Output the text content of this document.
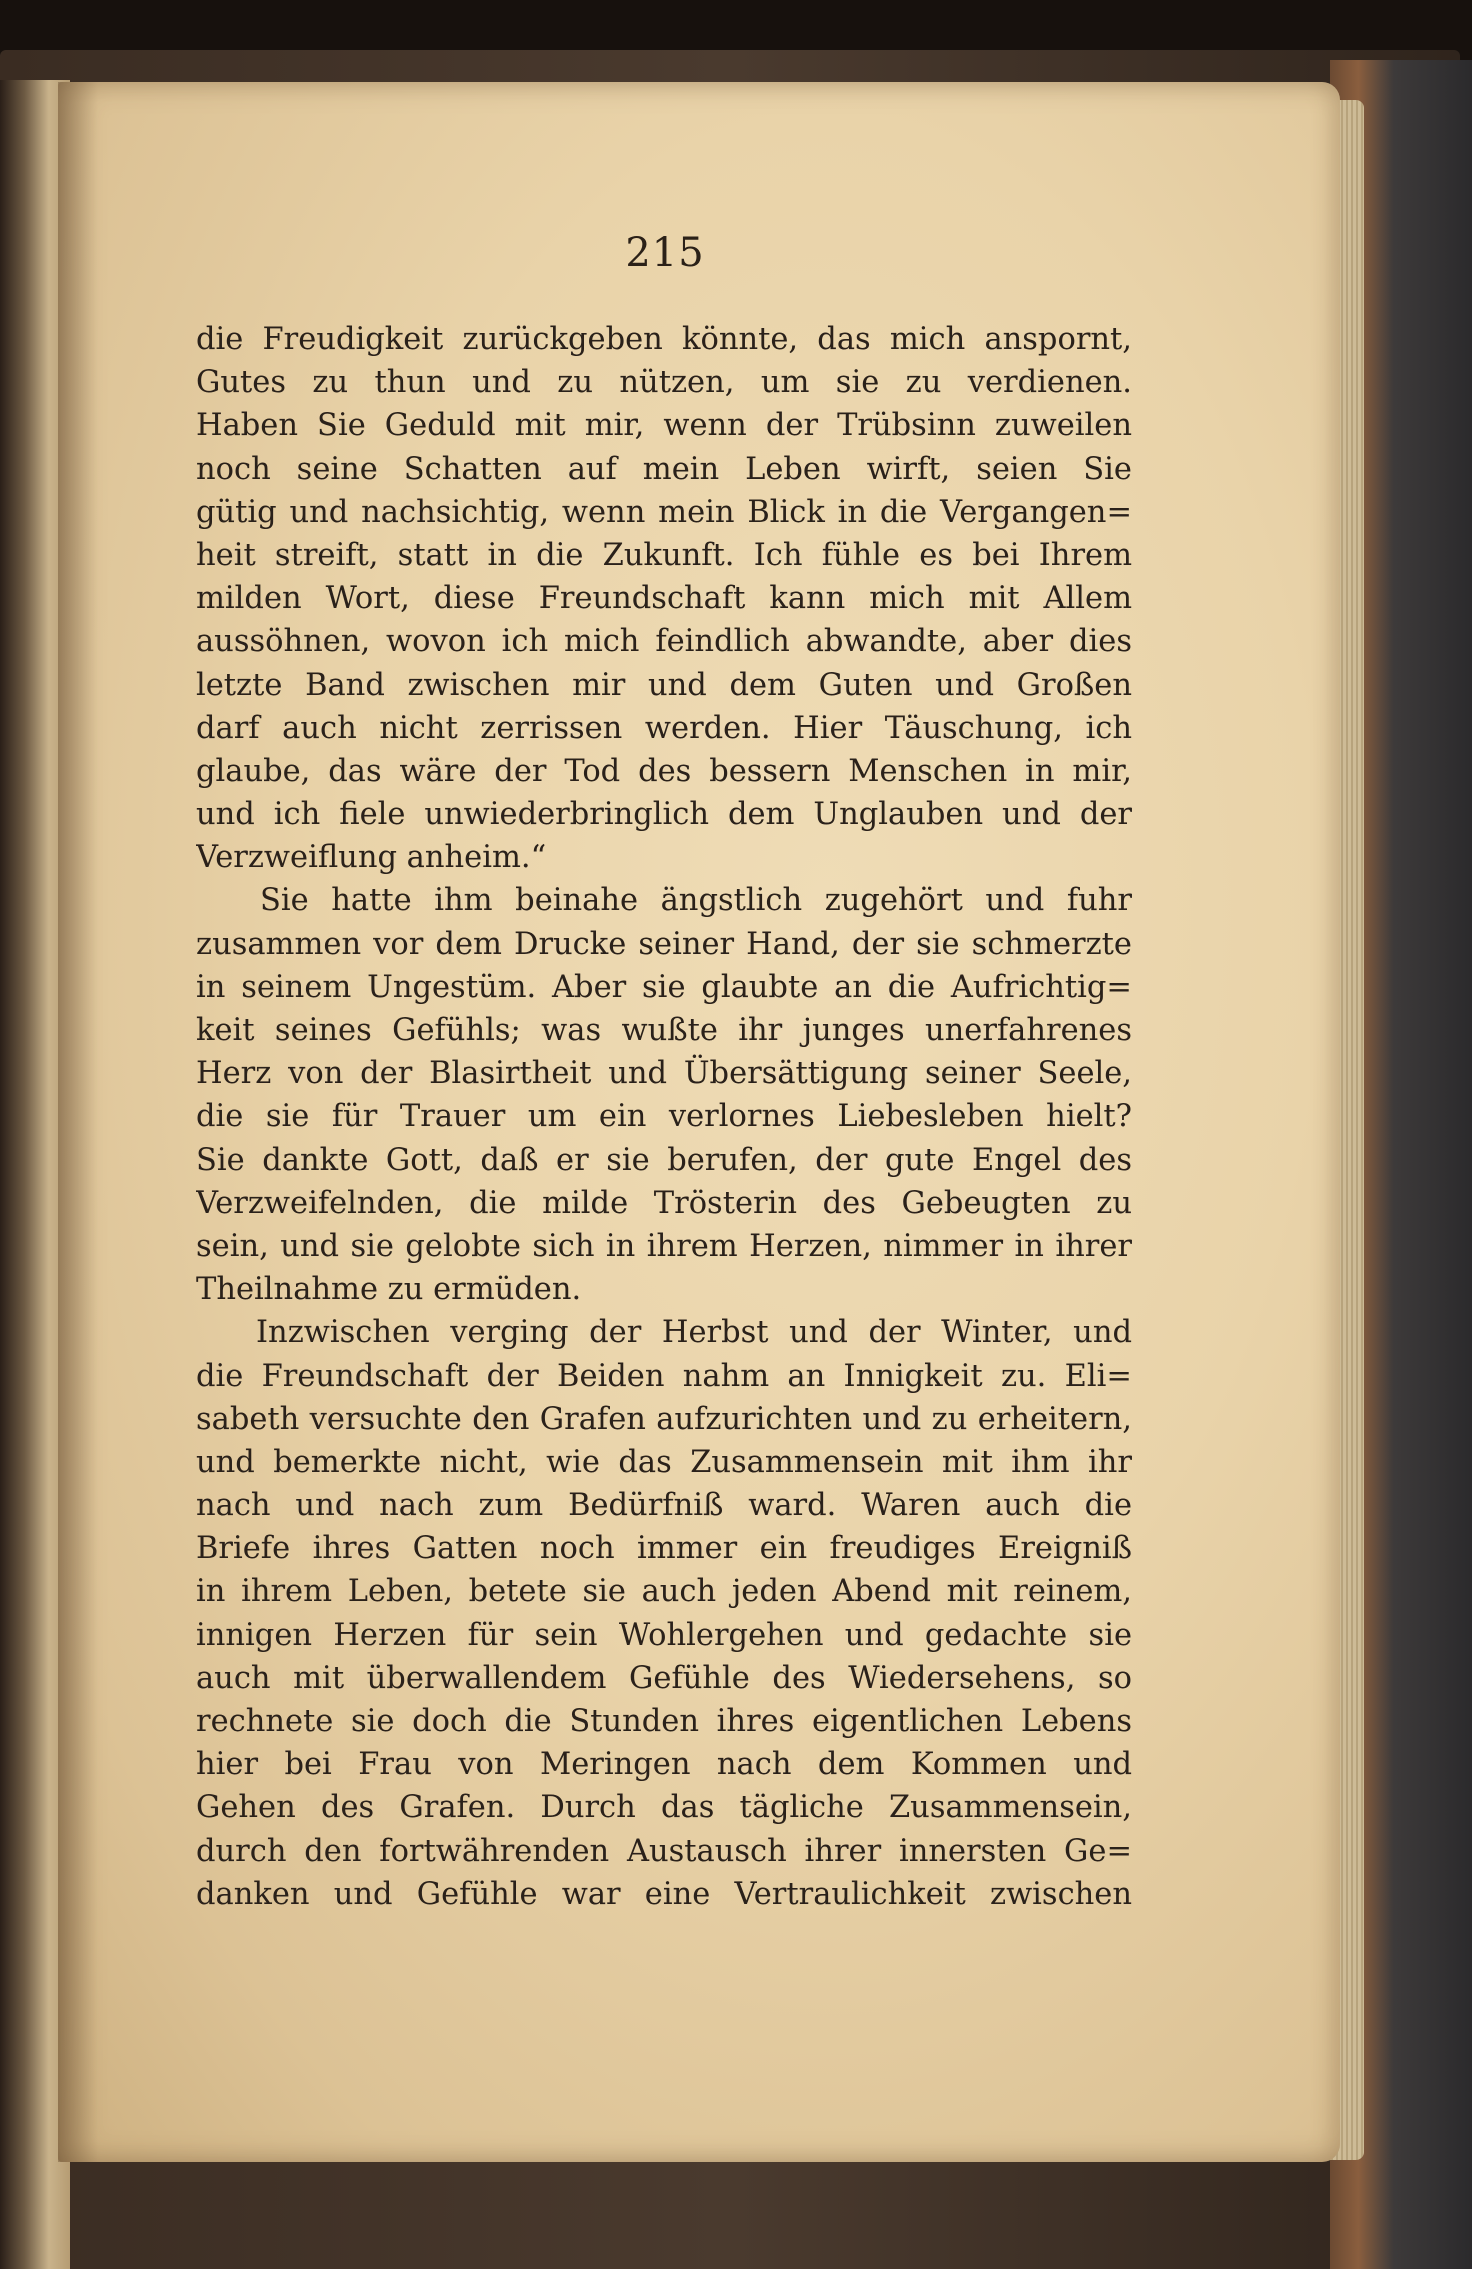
215
die Freudigkeit zurückgeben könnte, das mich anspornt,
Gutes zu thun und zu nützen, um sie zu verdienen.
Haben Sie Geduld mit mir, wenn der Trübsinn zuweilen
noch seine Schatten auf mein Leben wirft, seien Sie
gütig und nachsichtig, wenn mein Blick in die Vergangen=
heit streift, statt in die Zukunft. Ich fühle es bei Ihrem
milden Wort, diese Freundschaft kann mich mit Allem
aussöhnen, wovon ich mich feindlich abwandte, aber dies
letzte Band zwischen mir und dem Guten und Großen
darf auch nicht zerrissen werden. Hier Täuschung, ich
glaube, das wäre der Tod des bessern Menschen in mir,
und ich fiele unwiederbringlich dem Unglauben und der
Verzweiflung anheim.“
Sie hatte ihm beinahe ängstlich zugehört und fuhr
zusammen vor dem Drucke seiner Hand, der sie schmerzte
in seinem Ungestüm. Aber sie glaubte an die Aufrichtig=
keit seines Gefühls; was wußte ihr junges unerfahrenes
Herz von der Blasirtheit und Übersättigung seiner Seele,
die sie für Trauer um ein verlornes Liebesleben hielt?
Sie dankte Gott, daß er sie berufen, der gute Engel des
Verzweifelnden, die milde Trösterin des Gebeugten zu
sein, und sie gelobte sich in ihrem Herzen, nimmer in ihrer
Theilnahme zu ermüden.
Inzwischen verging der Herbst und der Winter, und
die Freundschaft der Beiden nahm an Innigkeit zu. Eli=
sabeth versuchte den Grafen aufzurichten und zu erheitern,
und bemerkte nicht, wie das Zusammensein mit ihm ihr
nach und nach zum Bedürfniß ward. Waren auch die
Briefe ihres Gatten noch immer ein freudiges Ereigniß
in ihrem Leben, betete sie auch jeden Abend mit reinem,
innigen Herzen für sein Wohlergehen und gedachte sie
auch mit überwallendem Gefühle des Wiedersehens, so
rechnete sie doch die Stunden ihres eigentlichen Lebens
hier bei Frau von Meringen nach dem Kommen und
Gehen des Grafen. Durch das tägliche Zusammensein,
durch den fortwährenden Austausch ihrer innersten Ge=
danken und Gefühle war eine Vertraulichkeit zwischen
